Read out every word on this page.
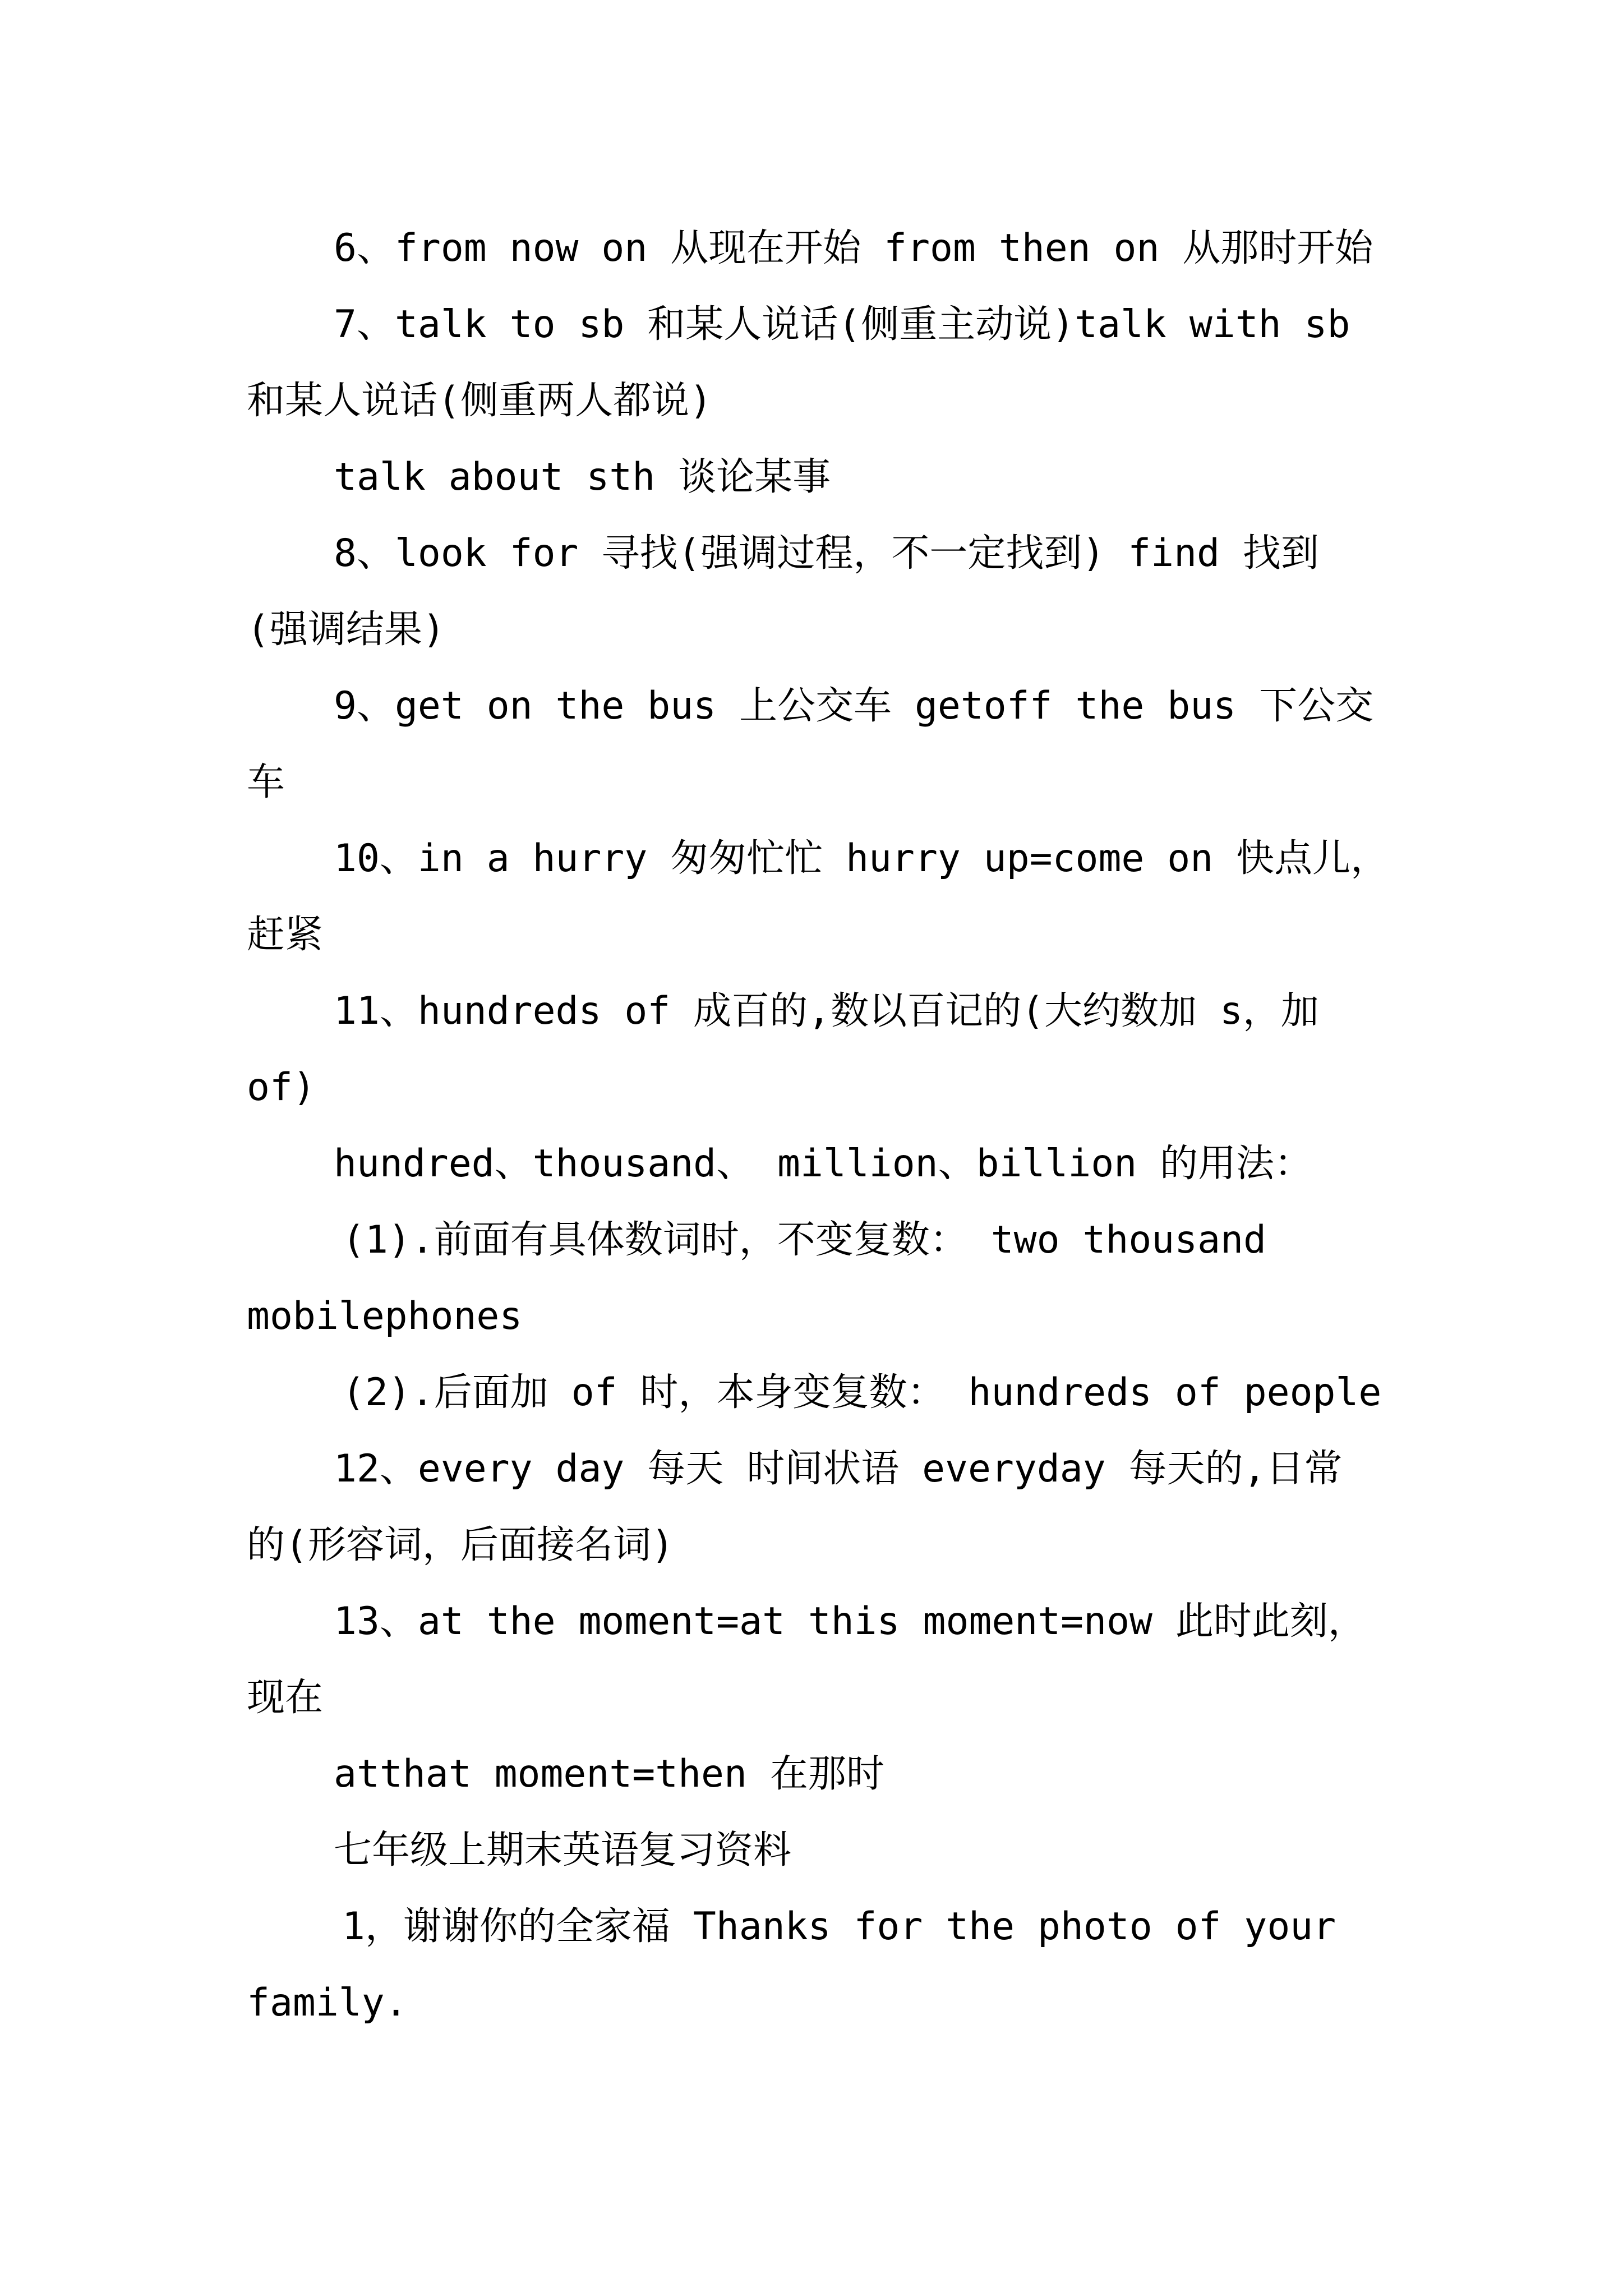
6、from now on 从现在开始 from then on 从那时开始
7、talk to sb 和某人说话(侧重主动说)talk with sb
和某人说话(侧重两人都说)
talk about sth 谈论某事
8、look for 寻找(强调过程，不一定找到) find 找到
(强调结果)
9、get on the bus 上公交车 getoff the bus 下公交
车
10、in a hurry 匆匆忙忙 hurry up=come on 快点儿，
赶紧
11、hundreds of 成百的,数以百记的(大约数加 s，加
of)
hundred、thousand、 million、billion 的用法：
(1).前面有具体数词时，不变复数： two thousand
mobilephones
(2).后面加 of 时，本身变复数： hundreds of people
12、every day 每天 时间状语 everyday 每天的,日常
的(形容词，后面接名词)
13、at the moment=at this moment=now 此时此刻，
现在
atthat moment=then 在那时
七年级上期末英语复习资料
1，谢谢你的全家福 Thanks for the photo of your
family.
